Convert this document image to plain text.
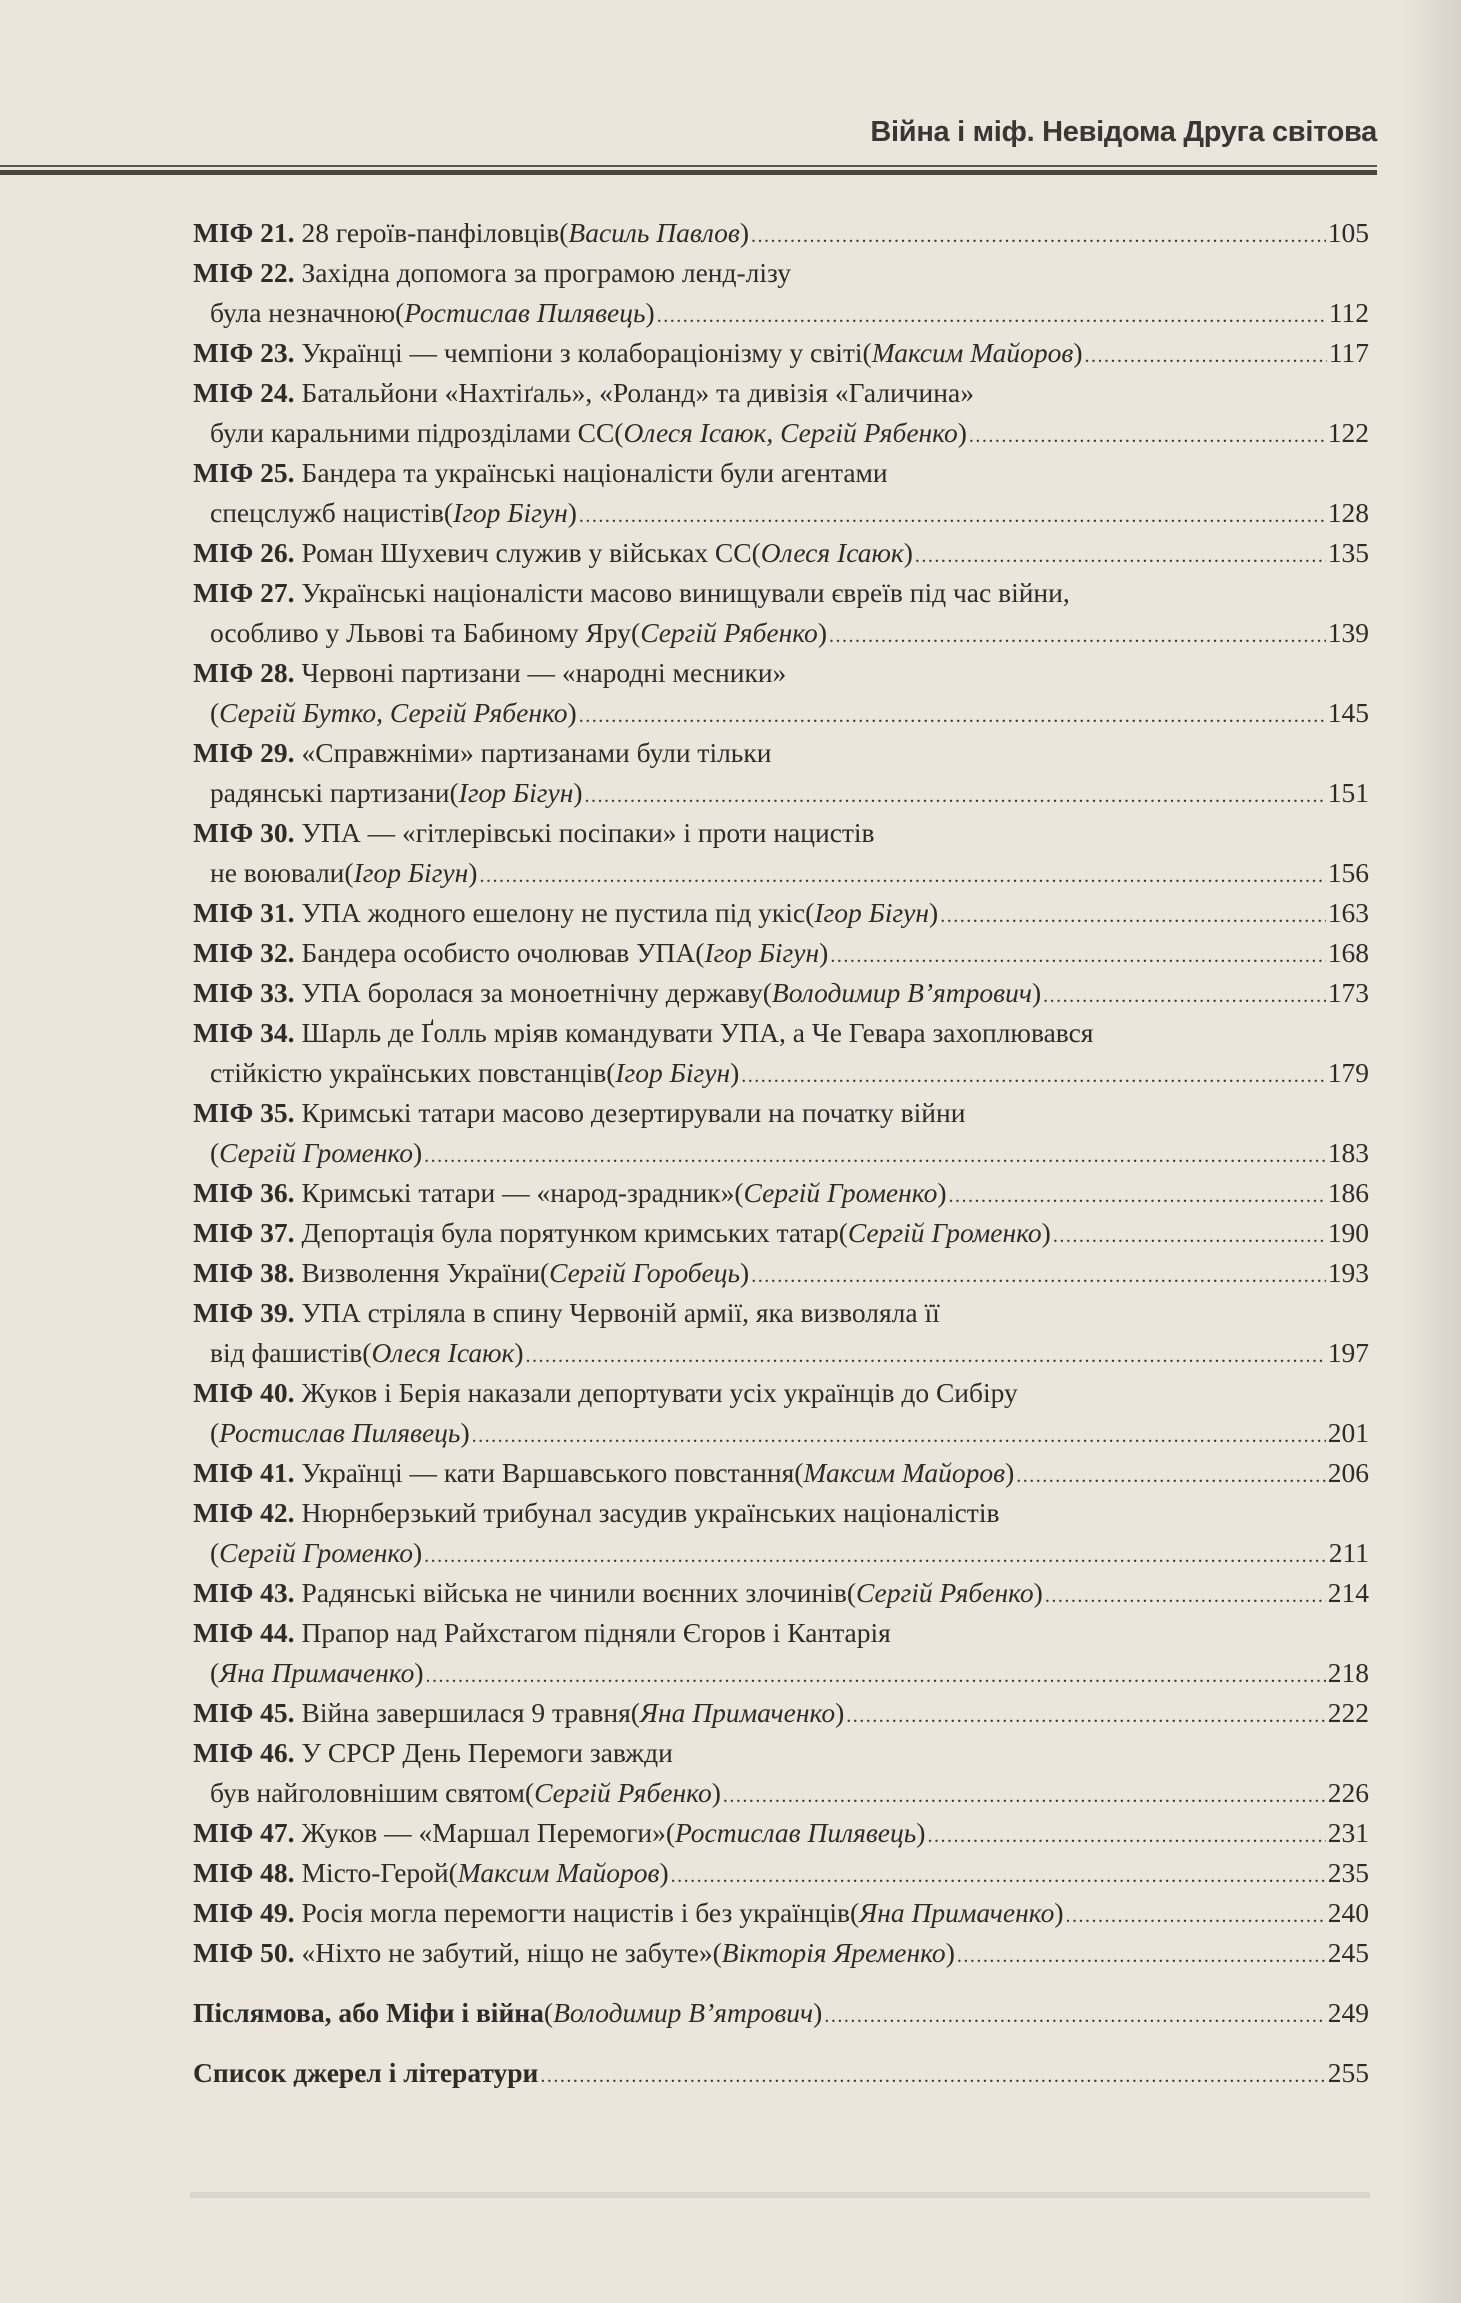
Війна і міф. Невідома Друга світова
МІФ 21. 28 героїв-панфіловців ( Василь Павлов ) .....	105
МІФ 22. Західна допомога за програмою ленд-лізу
була незначною ( Ростислав Пилявець ) .....	112
МІФ 23. Українці — чемпіони з колабораціонізму у світі ( Максим Майоров ) .....	117
МІФ 24. Батальйони «Нахтіґаль», «Роланд» та дивізія «Галичина»
були каральними підрозділами СС ( Олеся Ісаюк, Сергій Рябенко ) .....	122
МІФ 25. Бандера та українські націоналісти були агентами
спецслужб нацистів ( Ігор Бігун ) .....	128
МІФ 26. Роман Шухевич служив у військах СС ( Олеся Ісаюк ) .....	135
МІФ 27. Українські націоналісти масово винищували євреїв під час війни,
особливо у Львові та Бабиному Яру ( Сергій Рябенко ) .....	139
МІФ 28. Червоні партизани — «народні месники»
( Сергій Бутко, Сергій Рябенко ) .....	145
МІФ 29. «Справжніми» партизанами були тільки
радянські партизани ( Ігор Бігун ) .....	151
МІФ 30. УПА — «гітлерівські посіпаки» і проти нацистів
не воювали ( Ігор Бігун ) .....	156
МІФ 31. УПА жодного ешелону не пустила під укіс ( Ігор Бігун ) .....	163
МІФ 32. Бандера особисто очолював УПА ( Ігор Бігун ) .....	168
МІФ 33. УПА боролася за моноетнічну державу ( Володимир В’ятрович ) .....	173
МІФ 34. Шарль де Ґолль мріяв командувати УПА, а Че Гевара захоплювався
стійкістю українських повстанців ( Ігор Бігун ) .....	179
МІФ 35. Кримські татари масово дезертирували на початку війни
( Сергій Громенко ) .....	183
МІФ 36. Кримські татари — «народ-зрадник» ( Сергій Громенко ) .....	186
МІФ 37. Депортація була порятунком кримських татар ( Сергій Громенко ) .....	190
МІФ 38. Визволення України ( Сергій Горобець ) .....	193
МІФ 39. УПА стріляла в спину Червоній армії, яка визволяла її
від фашистів ( Олеся Ісаюк ) .....	197
МІФ 40. Жуков і Берія наказали депортувати усіх українців до Сибіру
( Ростислав Пилявець ) .....	201
МІФ 41. Українці — кати Варшавського повстання ( Максим Майоров ) .....	206
МІФ 42. Нюрнберзький трибунал засудив українських націоналістів
( Сергій Громенко ) .....	211
МІФ 43. Радянські війська не чинили воєнних злочинів ( Сергій Рябенко ) .....	214
МІФ 44. Прапор над Райхстагом підняли Єгоров і Кантарія
( Яна Примаченко ) .....	218
МІФ 45. Війна завершилася 9 травня ( Яна Примаченко ) .....	222
МІФ 46. У СРСР День Перемоги завжди
був найголовнішим святом ( Сергій Рябенко ) .....	226
МІФ 47. Жуков — «Маршал Перемоги» ( Ростислав Пилявець ) .....	231
МІФ 48. Місто-Герой ( Максим Майоров ) .....	235
МІФ 49. Росія могла перемогти нацистів і без українців ( Яна Примаченко ) .....	240
МІФ 50. «Ніхто не забутий, ніщо не забуте» ( Вікторія Яременко ) .....	245
Післямова, або Міфи і війна ( Володимир В’ятрович ) .....	249
Список джерел і літератури .....	255
